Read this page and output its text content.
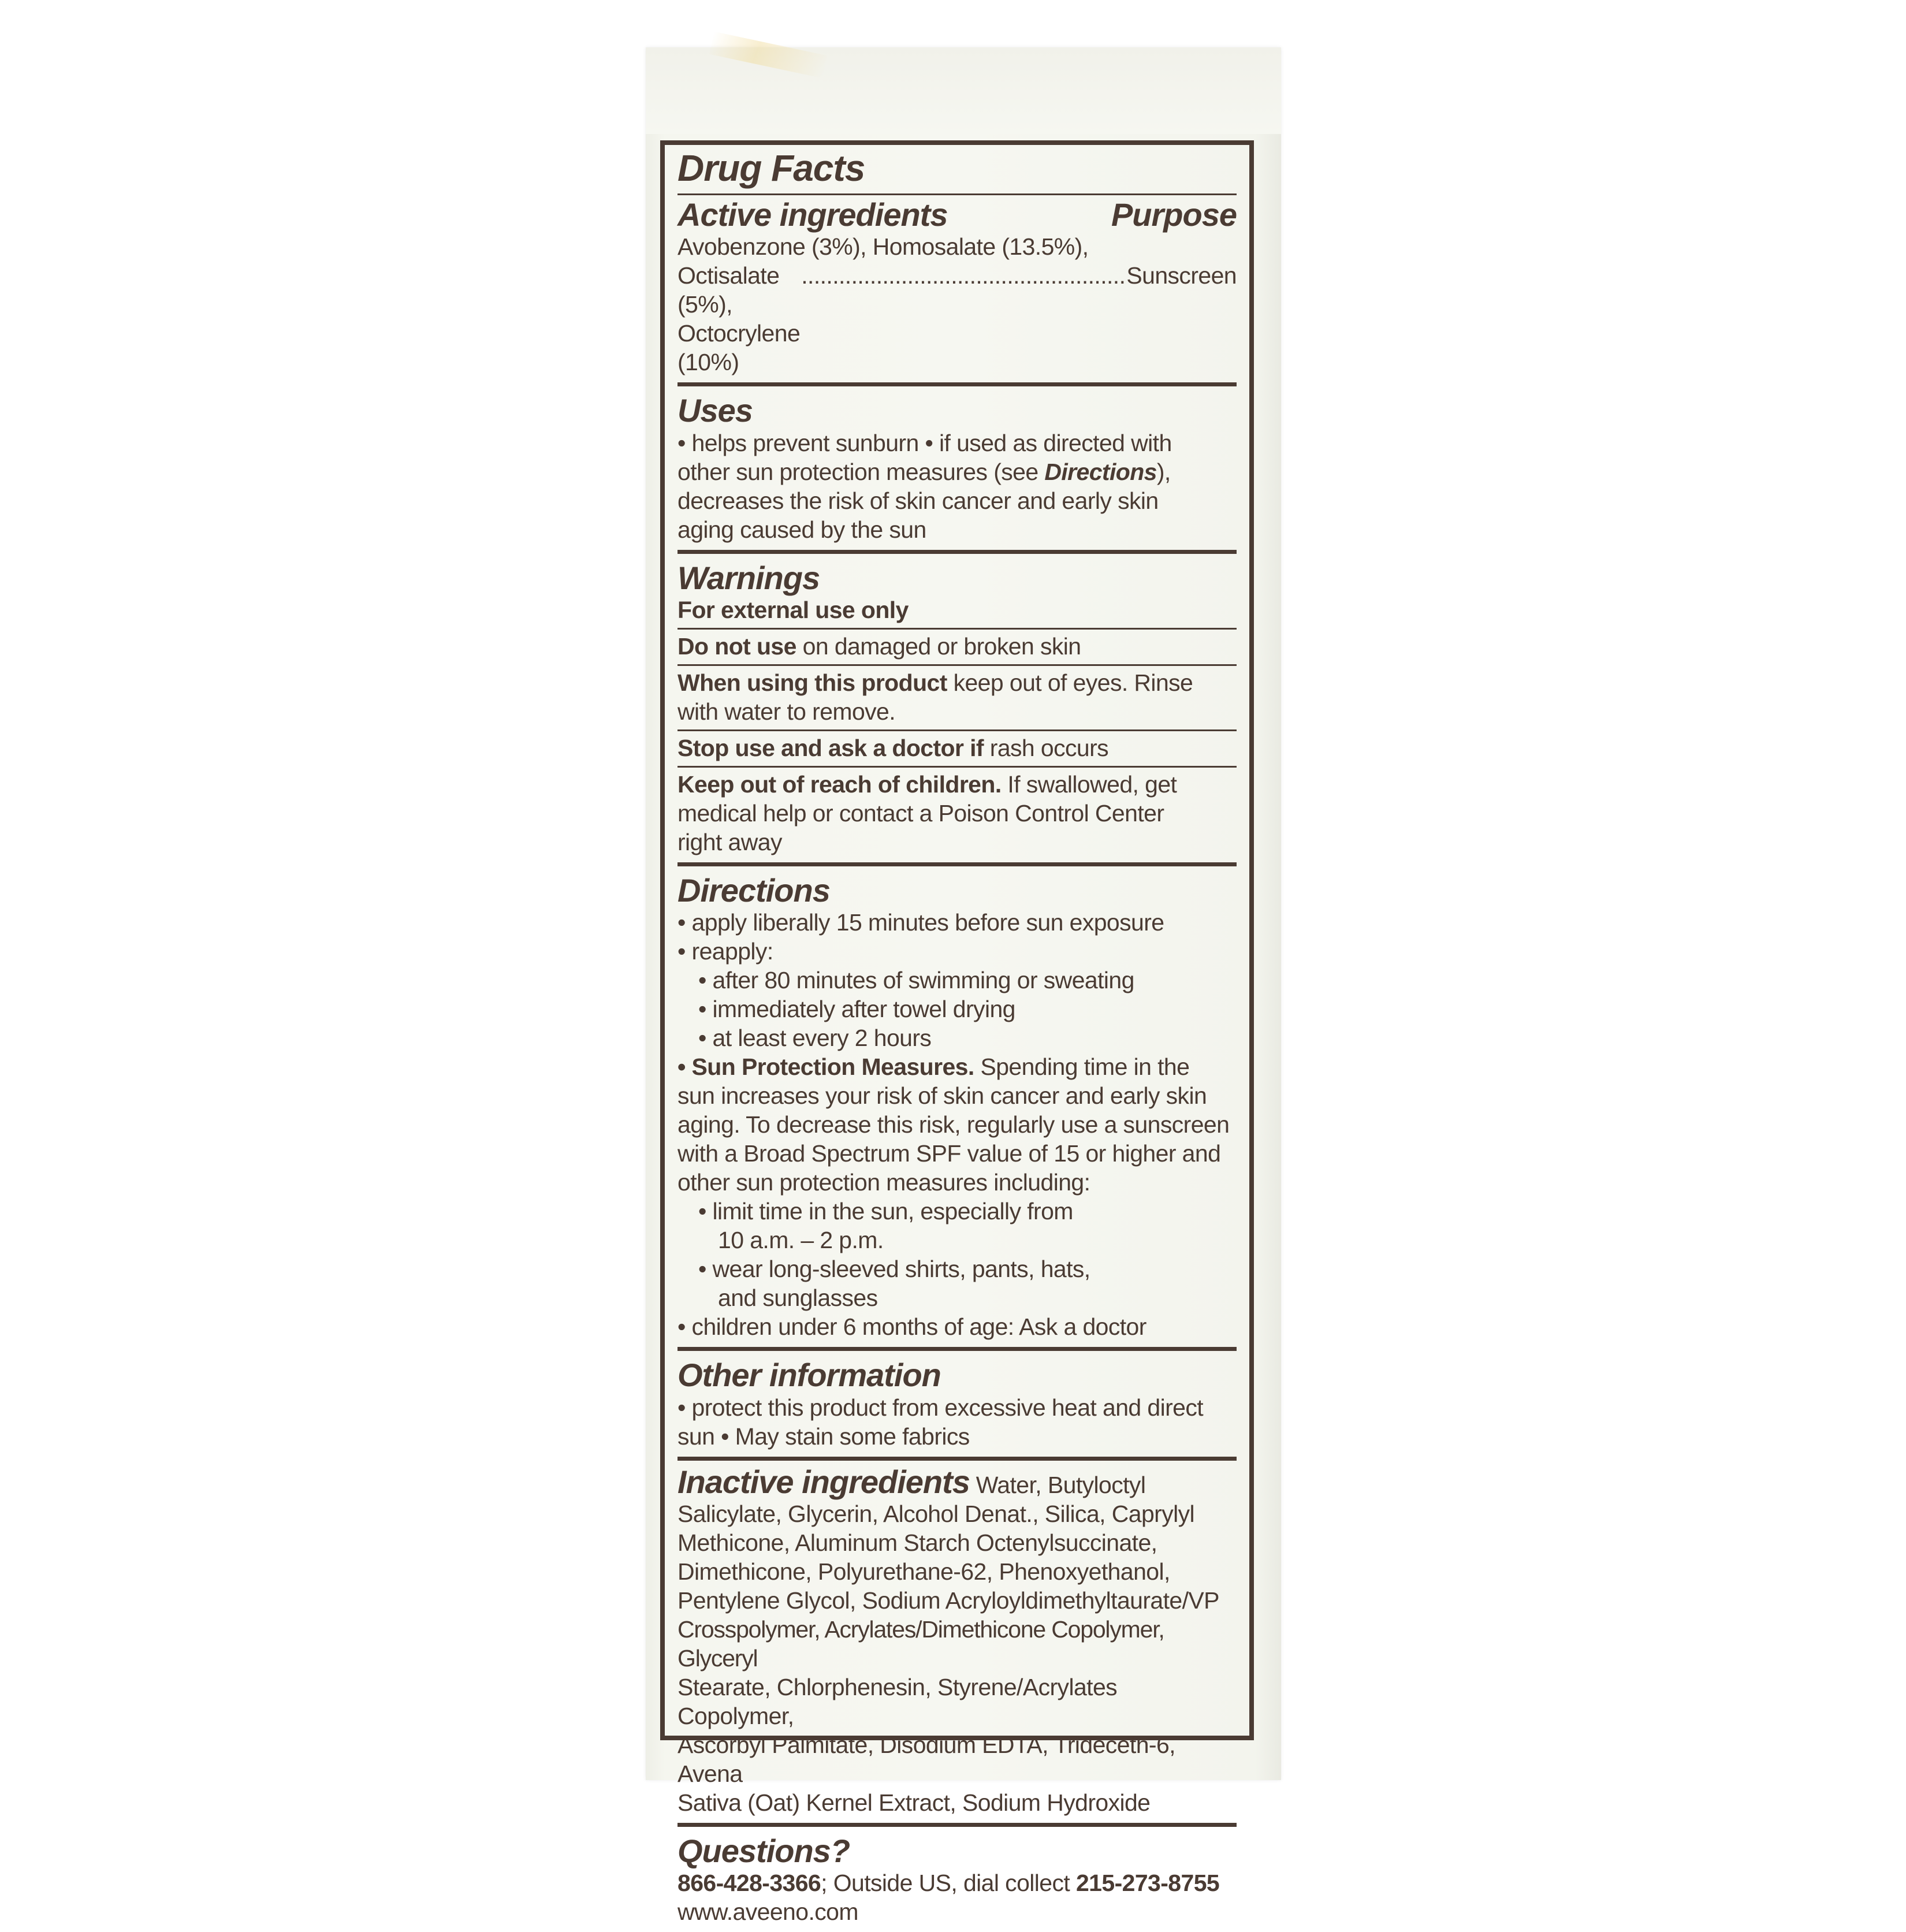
Drug Facts
Active ingredients	Purpose
Avobenzone (3%), Homosalate (13.5%),
Octisalate (5%), Octocrylene (10%)
.................................................... Sunscreen
Uses
• helps prevent sunburn • if used as directed with
other sun protection measures (see Directions),
decreases the risk of skin cancer and early skin
aging caused by the sun
Warnings
For external use only
Do not use on damaged or broken skin
When using this product keep out of eyes. Rinse
with water to remove.
Stop use and ask a doctor if rash occurs
Keep out of reach of children. If swallowed, get
medical help or contact a Poison Control Center
right away
Directions
• apply liberally 15 minutes before sun exposure
• reapply:
• after 80 minutes of swimming or sweating
• immediately after towel drying
• at least every 2 hours
• Sun Protection Measures. Spending time in the
sun increases your risk of skin cancer and early skin
aging. To decrease this risk, regularly use a sunscreen
with a Broad Spectrum SPF value of 15 or higher and
other sun protection measures including:
• limit time in the sun, especially from
10 a.m. – 2 p.m.
• wear long-sleeved shirts, pants, hats,
and sunglasses
• children under 6 months of age: Ask a doctor
Other information
• protect this product from excessive heat and direct
sun • May stain some fabrics
Inactive ingredients Water, Butyloctyl
Salicylate, Glycerin, Alcohol Denat., Silica, Caprylyl
Methicone, Aluminum Starch Octenylsuccinate,
Dimethicone, Polyurethane-62, Phenoxyethanol,
Pentylene Glycol, Sodium Acryloyldimethyltaurate/VP
Crosspolymer, Acrylates/Dimethicone Copolymer, Glyceryl
Stearate, Chlorphenesin, Styrene/Acrylates Copolymer,
Ascorbyl Palmitate, Disodium EDTA, Trideceth-6, Avena
Sativa (Oat) Kernel Extract, Sodium Hydroxide
Questions?
866-428-3366; Outside US, dial collect 215-273-8755
www.aveeno.com
